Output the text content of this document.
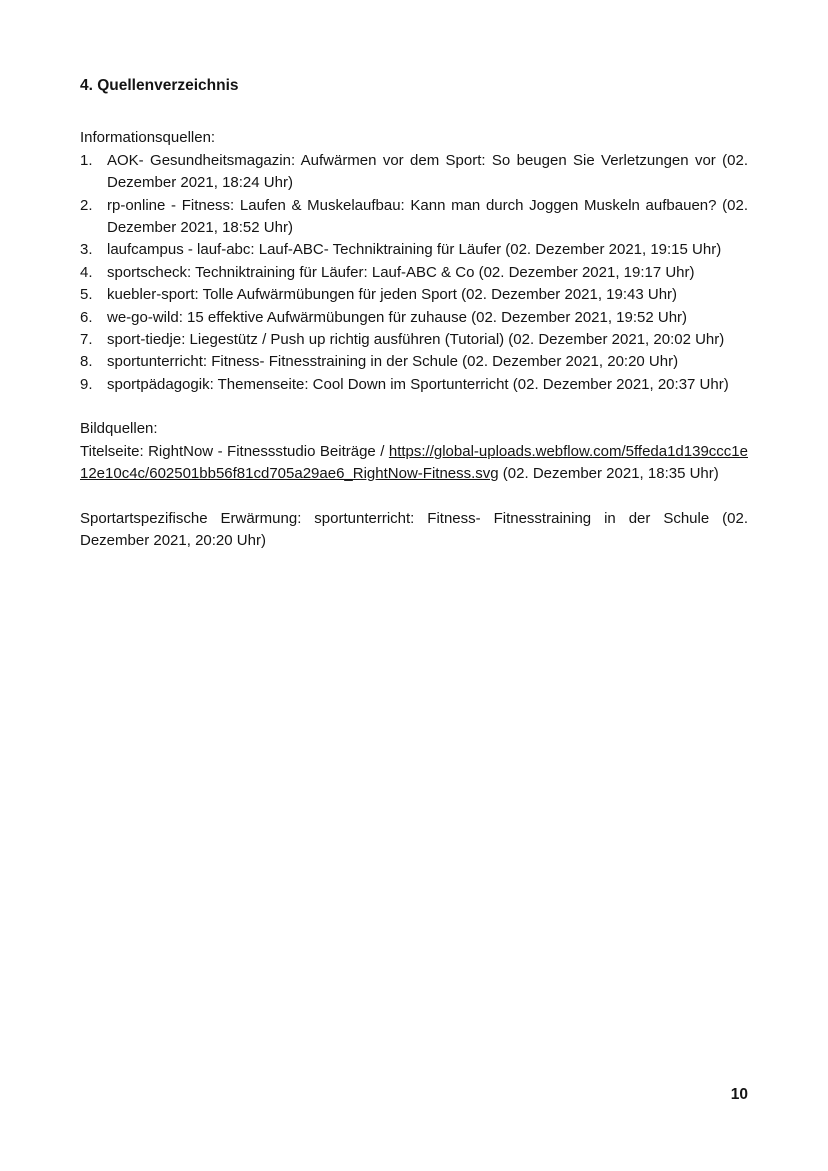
4. Quellenverzeichnis
Informationsquellen:
1. AOK- Gesundheitsmagazin: Aufwärmen vor dem Sport: So beugen Sie Verletzungen vor (02. Dezember 2021, 18:24 Uhr)
2. rp-online - Fitness: Laufen & Muskelaufbau: Kann man durch Joggen Muskeln aufbauen? (02. Dezember 2021, 18:52 Uhr)
3. laufcampus - lauf-abc: Lauf-ABC- Techniktraining für Läufer (02. Dezember 2021, 19:15 Uhr)
4. sportscheck: Techniktraining für Läufer: Lauf-ABC & Co (02. Dezember 2021, 19:17 Uhr)
5. kuebler-sport: Tolle Aufwärmübungen für jeden Sport (02. Dezember 2021, 19:43 Uhr)
6. we-go-wild: 15 effektive Aufwärmübungen für zuhause (02. Dezember 2021, 19:52 Uhr)
7. sport-tiedje: Liegestütz / Push up richtig ausführen (Tutorial) (02. Dezember 2021, 20:02 Uhr)
8. sportunterricht: Fitness- Fitnesstraining in der Schule (02. Dezember 2021, 20:20 Uhr)
9. sportpädagogik: Themenseite: Cool Down im Sportunterricht (02. Dezember 2021, 20:37 Uhr)
Bildquellen:
Titelseite: RightNow - Fitnessstudio Beiträge / https://global-uploads.webflow.com/5ffeda1d139ccc1e12e10c4c/602501bb56f81cd705a29ae6_RightNow-Fitness.svg (02. Dezember 2021, 18:35 Uhr)
Sportartspezifische Erwärmung: sportunterricht: Fitness- Fitnesstraining in der Schule (02. Dezember 2021, 20:20 Uhr)
10
